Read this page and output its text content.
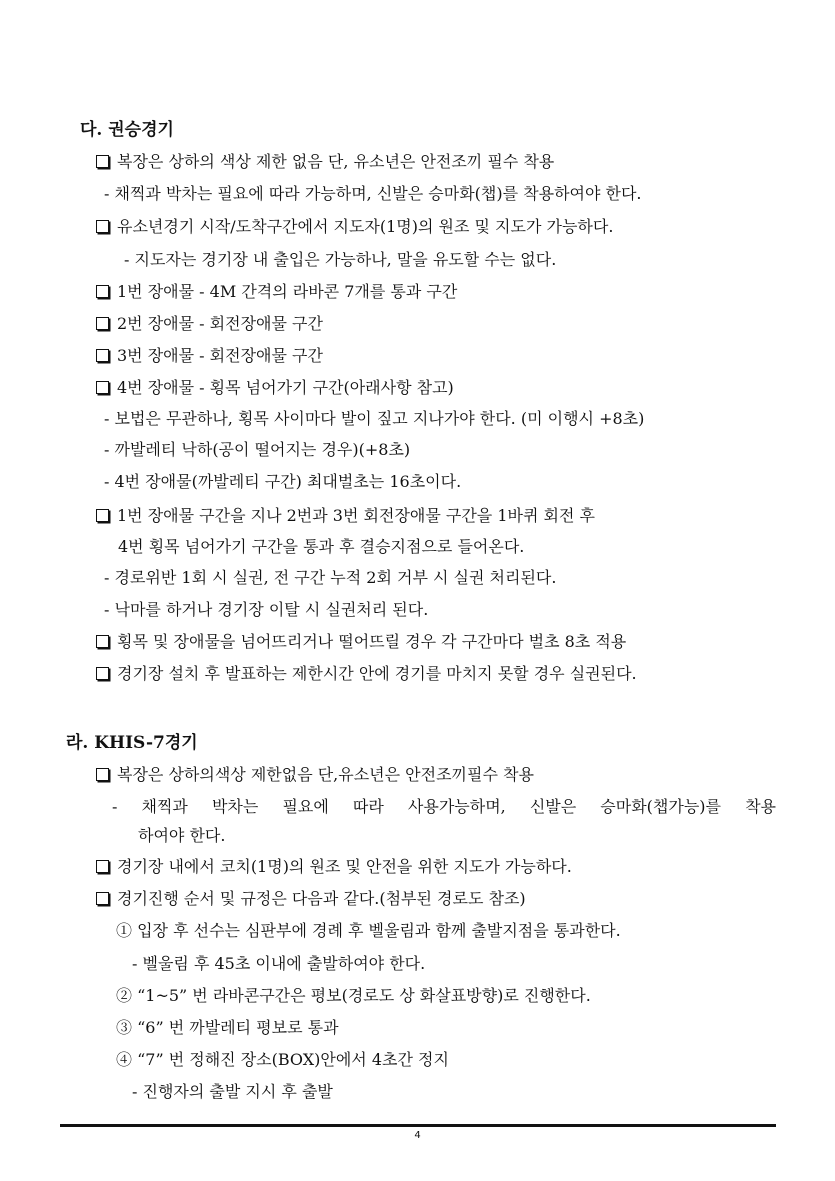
다. 권승경기
복장은 상하의 색상 제한 없음 단, 유소년은 안전조끼 필수 착용
- 채찍과 박차는 필요에 따라 가능하며, 신발은 승마화(챕)를 착용하여야 한다.
유소년경기 시작/도착구간에서 지도자(1명)의 원조 및 지도가 가능하다.
- 지도자는 경기장 내 출입은 가능하나, 말을 유도할 수는 없다.
1번 장애물 - 4M 간격의 라바콘 7개를 통과 구간
2번 장애물 - 회전장애물 구간
3번 장애물 - 회전장애물 구간
4번 장애물 - 횡목 넘어가기 구간(아래사항 참고)
- 보법은 무관하나, 횡목 사이마다 발이 짚고 지나가야 한다. (미 이행시 +8초)
- 까발레티 낙하(공이 떨어지는 경우)(+8초)
- 4번 장애물(까발레티 구간) 최대벌초는 16초이다.
1번 장애물 구간을 지나 2번과 3번 회전장애물 구간을 1바퀴 회전 후
4번 횡목 넘어가기 구간을 통과 후 결승지점으로 들어온다.
- 경로위반 1회 시 실권, 전 구간 누적 2회 거부 시 실권 처리된다.
- 낙마를 하거나 경기장 이탈 시 실권처리 된다.
횡목 및 장애물을 넘어뜨리거나 떨어뜨릴 경우 각 구간마다 벌초 8초 적용
경기장 설치 후 발표하는 제한시간 안에 경기를 마치지 못할 경우 실권된다.
라. KHIS-7경기
복장은 상하의색상 제한없음 단,유소년은 안전조끼필수 착용
- 채찍과 박차는 필요에 따라 사용가능하며, 신발은 승마화(챕가능)를 착용
하여야 한다.
경기장 내에서 코치(1명)의 원조 및 안전을 위한 지도가 가능하다.
경기진행 순서 및 규정은 다음과 같다.(첨부된 경로도 참조)
① 입장 후 선수는 심판부에 경례 후 벨울림과 함께 출발지점을 통과한다.
- 벨울림 후 45초 이내에 출발하여야 한다.
② “1~5” 번 라바콘구간은 평보(경로도 상 화살표방향)로 진행한다.
③ “6” 번 까발레티 평보로 통과
④ “7” 번 정해진 장소(BOX)안에서 4초간 정지
- 진행자의 출발 지시 후 출발
4
